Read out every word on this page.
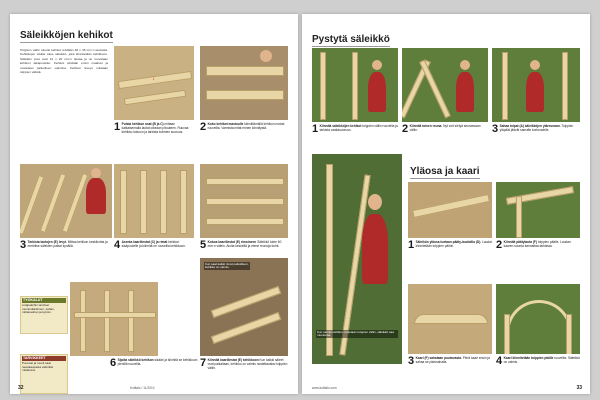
Säleikköjen kehikot
Tolppien väliin tulevat kehikot tehdään 28 x 45 mm:n lautoista. Kehikkojen sisälle tulee säleikkö, joka kiinnitetään kehikkoon. Säleikön puut ovat 12 x 20 mm:n lautaa ja ne ruuvataan kehikon takapuolelle. Kehikot tehdään ensin maahan ja nostetaan paikoilleen valmiina. Kehikon leveys mitataan tolppien välistä.
↓
1 Puista kehikon osat (B ja C) mittaan katkaisemalla lautat oikeaan pituuteen. Ruuvaa kehikko kokoon ja tarkista kulmien suoruus.	2 Koko kehikot mastoulle kiinnittämällä kehikon nurkat ruuveilla. Varmista mitat ennen kiinnitystä.
3 Tarkista lautojen (E) levyt. Mittaa kehikon keskikohta ja merkitse säleiden paikat kynällä.	4 Asenta kaariliestat (C) ja rimat kehikon sisäpuolelle ja kiinnitä ne ruuveilla kehikkoon.	5 Kokoa kaariliestat (E) rimoineen Säleikkö tulee 60 mm:n välein. Aloita keskeltä ja etene reunoja kohti.
TYÖKALUT
Lisäpaloihin tarvitset ruuvinvääntimen, sahan, mittanauhan ja kynän.
TARVIKKEET
Puuosat ja ruuvit saat rautakaupasta valmiiksi mitattuina.
6 Sijoita säleikkö kehikon sisään ja kiinnitä se kehikkoon pienillä ruuveilla.
Kun saat kaikki rimat paikoilleen, kehikko on valmis.
7 Kiinnitä kaariliestat (E) kehikkoon Kun kaikki säleet ovat paikallaan, kehikko on valmis nostettavaksi tolppien väliin.
32	Kotitalo / 11/2014
Pystytä säleikkö
1 Kiinnitä säleikköjen kehikot tolppien väliin ruuveilla ja tarkista vaakasuoruus.	2 Kiinnitä toinen reuna. Nyt voit siirtyä seuraavaan väliin.	3 Sahaa tolpat (A) säleikköjen yläreunaan. Tolppien yläpäät jäävät samalle korkeudelle.
Kun valmis kehikko nostetaan tolppien väliin, säleikkö saa muotonsa.
Yläosa ja kaari
1 Säleikön yläosa tuetaan pääty-laudoilla (D). Laudat kiinnitetään tolppien päihin.	2 Kiinnitä päätylauta (F) tolppien päälle. Laudan kaaren suunta kannattaa tarkistaa.
3 Kaari (F) sahataan puutavasta. Piirrä kaari ensin ja sahaa se pistosahalla.	4 Kaari kiinnitetään tolppien päälle ruuveilla. Säleikkö on valmis.
www.kotitalo.com	33
